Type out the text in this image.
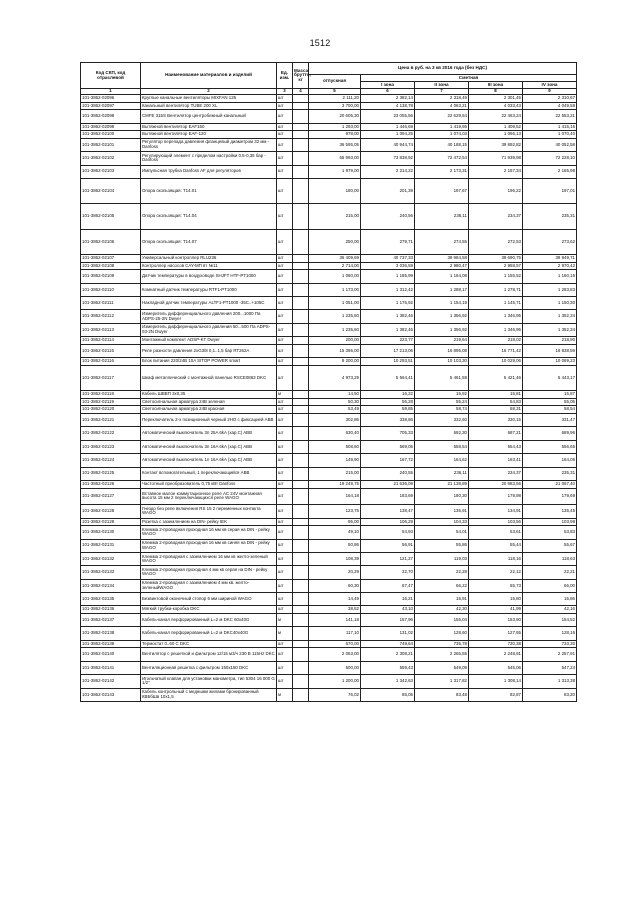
1512
Код СКП, код отраслевой	Наименование материалов и изделий	Ед. изм.	Масса брутто, кг	Цена в руб. на 3 кв 2016 года (без НДС)				
				отпускная	Сметная			
					I зона	II зона	III зона	IV зона
1	2	3	4	5	6	7	8	9
101-3862-02096	Круглые канальные вентиляторы MIXFAN 125	шт		2 111,20	2 382,14	2 318,49	2 301,45	2 310,67
101-3862-02097	Канальный вентилятор TUBE 200 XL	шт		3 700,00	4 138,78	4 063,21	4 033,43	4 049,58
101-3862-02098	CMFE 315S Вентилятор центробежный канальный	шт		20 605,30	23 055,56	22 629,54	22 463,24	22 553,21
101-3862-02099	Вытяжной вентилятор EAF150	шт		1 293,00	1 446,69	1 419,95	1 409,52	1 415,16
101-3862-02100	Вытяжной вентилятор EAF-120	шт		978,00	1 094,25	1 074,03	1 066,13	1 070,40
101-3862-02101	Регулятор перепада давления фланцевый диаметром 32 мм - Danfoss	шт		36 595,05	40 944,74	40 188,15	39 892,82	40 052,58
101-3862-02102	Регулирующий элемент с пределом настройки 0.5-0,35 бар - Danfoss	шт		65 993,00	73 838,92	72 472,54	71 939,98	72 228,10
101-3862-02103	Импульсная трубка Danfoss AF для регуляторов	шт		1 979,00	2 214,22	2 173,31	2 157,34	2 165,98
101-3862-02104	Опора скользящая: Т14.01	шт		180,00	201,39	197,67	196,22	197,01
101-3862-02105	Опора скользящая: Т14.04	шт		215,00	240,56	236,11	234,37	235,31
101-3862-02106	Опора скользящая: Т14.07	шт		250,00	279,71	274,55	272,53	273,62
101-3862-02107	Универсальный контроллер RLU236	шт		36 409,69	40 737,33	39 984,58	39 690,75	39 849,71
101-3862-02108	Контроллер насосов CAY-MП вт №11	шт		2 714,00	3 036,59	2 980,47	2 958,57	2 970,42
101-3862-02109	Датчик температуры в воздуховоде SHJFT HTF-PT1000	шт		1 060,00	1 185,99	1 164,08	1 155,52	1 160,15
101-3862-02110	Комнатный датчик температуры RTF1-PT1000	шт		1 173,00	1 312,42	1 288,17	1 278,71	1 283,83
101-3862-02111	Накладной датчик температуры ALTF1-PT1000 -35C..+105C	шт		1 051,00	1 175,92	1 154,19	1 145,71	1 150,30
101-3862-02112	Измеритель дифференциального давления 200...1000 Па ADPS-25-2N Dwyer	шт		1 235,60	1 382,46	1 356,92	1 346,95	1 352,34
101-3862-02113	Измеритель дифференциального давления 50...500 Па ADPS-03-2N Dwyer	шт		1 235,60	1 382,46	1 356,92	1 346,95	1 352,34
101-3862-02114	Монтажный комплект ADSP-KT Dwyer	шт		200,00	223,77	219,64	218,02	218,90
101-3862-02115	Реле разности давления 2xG3/8 0,1..1,5 бар RT262A	шт		15 395,00	17 213,06	16 895,08	16 771,42	16 838,59
101-3862-02116	Блок питания 220/24В 10A SITOP POWER smart	шт		9 200,00	10 293,51	10 103,30	10 029,06	10 069,23
101-3862-02117	Шкаф металлический с монтажной панелью RSCE0863 DKC	шт		4 973,29	5 564,41	5 461,59	5 421,46	5 443,17
101-3862-02118	Кабель ШВВП 3x0,35	м		14,50	16,22	15,92	15,81	15,87
101-3862-02119	Светосигнальная арматура 24В зеленая	шт		50,30	56,28	55,24	54,83	55,05
101-3862-02120	Светосигнальная арматура 24В красная	шт		53,49	59,85	58,74	58,31	58,54
101-3862-02121	Переключатель 2-х позиционный черный 2НО с фиксацией ABB	шт		302,86	338,86	332,60	330,15	331,47
101-3862-02122	Автоматический выключатель 3п 25A 6kA (хар.C) ABB	шт		630,40	705,33	692,30	687,21	689,96
101-3862-02123	Автоматический выключатель 3п 16A 6kA (хар.C) ABB	шт		508,60	569,05	558,54	554,43	556,65
101-3862-02124	Автоматический выключатель 1п 16A 6kA (хар.C) ABB	шт		149,90	167,72	164,62	163,41	164,06
101-3862-02125	Контакт вспомогательный, 1 переключающийся ABB	шт		215,00	240,55	236,11	234,37	235,31
101-3862-02126	Частотный преобразователь 0,75 кВт Danfoss	шт		19 249,75	21 536,09	21 138,89	20 983,56	21 067,40
101-3862-02127	Вставное малое коммутационное реле AC 24V монтажная высота 15 мм 2 переключающихся реле WAGO	шт		164,18	183,69	180,30	178,98	179,69
101-3862-02128	Гнездо без реле включения RS 15 2 переменных контакта WAGO	шт		123,75	138,47	135,91	134,91	135,45
101-3862-02129	Розетка с заземлением на DIN- рейку IEK	шт		95,00	106,29	104,33	103,56	103,98
101-3862-02130	Клемма 2-проводная проходная 16 мм кв серая на DIN - рейку WAGO	шт		49,10	54,93	54,01	53,61	53,83
101-3862-02131	Клемма 2-проводная проходная 16 мм кв синяя на DIN - рейку WAGO	шт		50,86	56,91	55,86	55,44	55,67
101-3862-02132	Клемма 2-проводная с заземлением 16 мм кв желто-зеленый WAGO	шт		108,39	121,27	119,03	118,16	118,63
101-3862-02133	Клемма 2-проводная проходная 4 мм кв серая на DIN - рейку WAGO	шт		20,29	22,70	22,28	22,12	22,21
101-3862-02134	Клемма 2-проводная с заземлением 4 мм кв. желто-зеленыйWAGO	шт		60,30	67,47	66,22	65,73	66,00
101-3862-02135	Безвинтовой оконечный стопор 6 мм шириной WAGO	шт		14,49	16,21	15,91	15,80	15,86
101-3862-02136	Мягкий трубка-коробка DKC	шт		38,52	43,10	42,30	41,99	42,16
101-3862-02137	Кабель-канал перфорированный L=2 м DKC 60x40G	м		141,18	157,96	155,04	153,90	154,52
101-3862-02138	Кабель-канал перфорированный L=2 м DKC40x40G	м		117,10	131,02	128,60	127,65	128,16
101-3862-02139	Термостат 0..60 С DKC	шт		670,00	749,64	735,78	730,38	733,30
101-3862-02140	Вентилятор с решеткой и фильтром 12/15 м3/ч 230 В 115Hz DKC	шт		2 063,00	2 308,21	2 265,55	2 248,91	2 257,91
101-3862-02141	Вентиляционная решетка с фильтром 150x150 DKC	шт		500,00	559,43	549,09	545,06	547,24
101-3862-02142	Игольчатый клапан для установки манометра, тип 5304 16 000 G 1/2"	шт		1 200,00	1 342,63	1 317,82	1 308,14	1 313,38
101-3862-02143	Кабель контрольный с медными жилами бронированный КВБбШв 10x1,5	м		76,02	85,05	83,48	82,87	83,20
